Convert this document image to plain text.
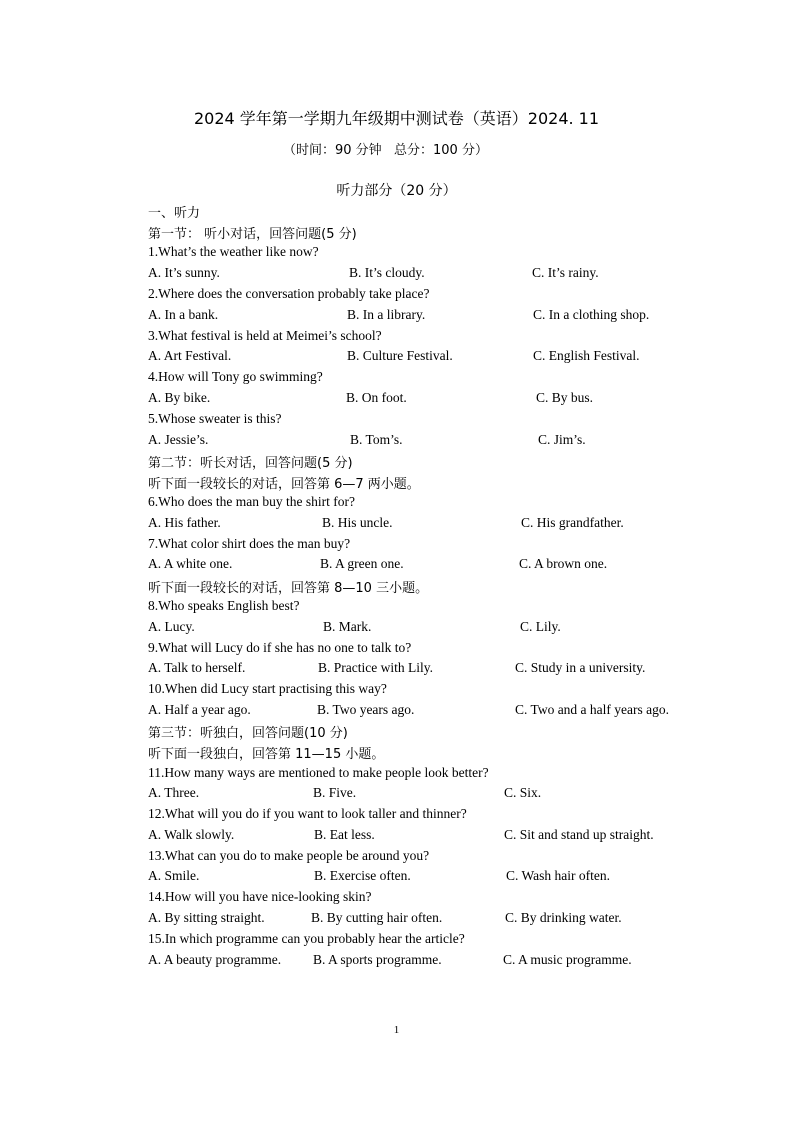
2024 学年第一学期九年级期中测试卷（英语）2024. 11
（时间：90 分钟 总分：100 分）
听力部分（20 分）
一、听力
第一节： 听小对话，回答问题(5 分)
1.What’s the weather like now?
A. It’s sunny.	B. It’s cloudy.	C. It’s rainy.
2.Where does the conversation probably take place?
A. In a bank.	B. In a library.	C. In a clothing shop.
3.What festival is held at Meimei’s school?
A. Art Festival.	B. Culture Festival.	C. English Festival.
4.How will Tony go swimming?
A. By bike.	B. On foot.	C. By bus.
5.Whose sweater is this?
A. Jessie’s.	B. Tom’s.	C. Jim’s.
第二节：听长对话，回答问题(5 分)
听下面一段较长的对话，回答第 6—7 两小题。
6.Who does the man buy the shirt for?
A. His father.	B. His uncle.	C. His grandfather.
7.What color shirt does the man buy?
A. A white one.	B. A green one.	C. A brown one.
听下面一段较长的对话，回答第 8—10 三小题。
8.Who speaks English best?
A. Lucy.	B. Mark.	C. Lily.
9.What will Lucy do if she has no one to talk to?
A. Talk to herself.	B. Practice with Lily.	C. Study in a university.
10.When did Lucy start practising this way?
A. Half a year ago.	B. Two years ago.	C. Two and a half years ago.
第三节：听独白，回答问题(10 分)
听下面一段独白，回答第 11—15 小题。
11.How many ways are mentioned to make people look better?
A. Three.	B. Five.	C. Six.
12.What will you do if you want to look taller and thinner?
A. Walk slowly.	B. Eat less.	C. Sit and stand up straight.
13.What can you do to make people be around you?
A. Smile.	B. Exercise often.	C. Wash hair often.
14.How will you have nice-looking skin?
A. By sitting straight.	B. By cutting hair often.	C. By drinking water.
15.In which programme can you probably hear the article?
A. A beauty programme. B. A sports programme.	C. A music programme.
1
